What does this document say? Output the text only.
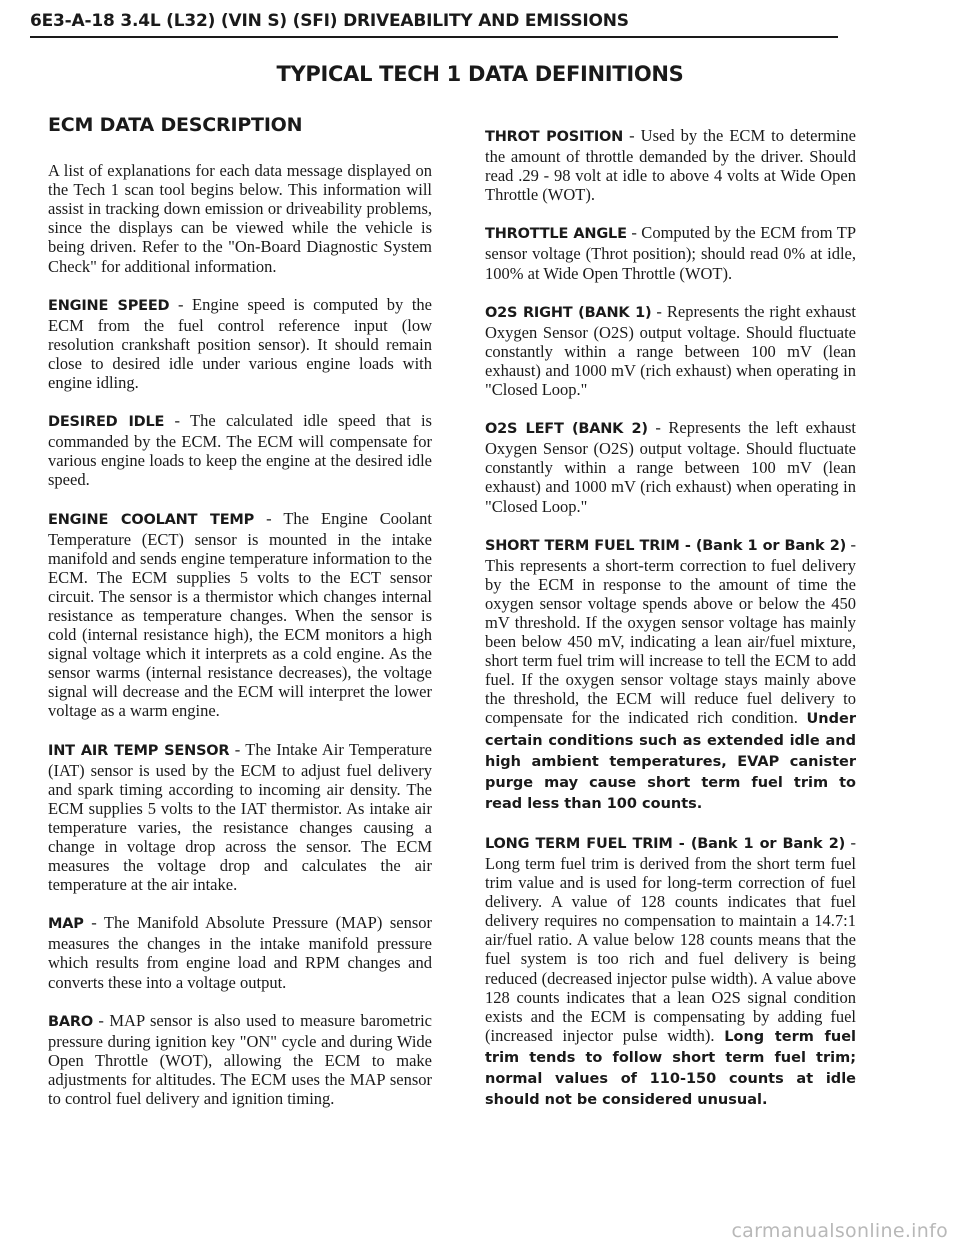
6E3-A-18 3.4L (L32) (VIN S) (SFI) DRIVEABILITY AND EMISSIONS
TYPICAL TECH 1 DATA DEFINITIONS
ECM DATA DESCRIPTION

A list of explanations for each data message displayed on the Tech 1 scan tool begins below. This information will assist in tracking down emission or driveability problems, since the displays can be viewed while the vehicle is being driven. Refer to the "On-Board Diagnostic System Check" for additional information.

ENGINE SPEED - Engine speed is computed by the ECM from the fuel control reference input (low resolution crankshaft position sensor). It should remain close to desired idle under various engine loads with engine idling.

DESIRED IDLE - The calculated idle speed that is commanded by the ECM. The ECM will compensate for various engine loads to keep the engine at the desired idle speed.

ENGINE COOLANT TEMP - The Engine Coolant Temperature (ECT) sensor is mounted in the intake manifold and sends engine temperature information to the ECM. The ECM supplies 5 volts to the ECT sensor circuit. The sensor is a thermistor which changes internal resistance as temperature changes. When the sensor is cold (internal resistance high), the ECM monitors a high signal voltage which it interprets as a cold engine. As the sensor warms (internal resistance decreases), the voltage signal will decrease and the ECM will interpret the lower voltage as a warm engine.

INT AIR TEMP SENSOR - The Intake Air Temperature (IAT) sensor is used by the ECM to adjust fuel delivery and spark timing according to incoming air density. The ECM supplies 5 volts to the IAT thermistor. As intake air temperature varies, the resistance changes causing a change in voltage drop across the sensor. The ECM measures the voltage drop and calculates the air temperature at the air intake.

MAP - The Manifold Absolute Pressure (MAP) sensor measures the changes in the intake manifold pressure which results from engine load and RPM changes and converts these into a voltage output.

BARO - MAP sensor is also used to measure barometric pressure during ignition key "ON" cycle and during Wide Open Throttle (WOT), allowing the ECM to make adjustments for altitudes. The ECM uses the MAP sensor to control fuel delivery and ignition timing.

THROT POSITION - Used by the ECM to determine the amount of throttle demanded by the driver. Should read .29 - 98 volt at idle to above 4 volts at Wide Open Throttle (WOT).

THROTTLE ANGLE - Computed by the ECM from TP sensor voltage (Throt position); should read 0% at idle, 100% at Wide Open Throttle (WOT).

O2S RIGHT (BANK 1) - Represents the right exhaust Oxygen Sensor (O2S) output voltage. Should fluctuate constantly within a range between 100 mV (lean exhaust) and 1000 mV (rich exhaust) when operating in "Closed Loop."

O2S LEFT (BANK 2) - Represents the left exhaust Oxygen Sensor (O2S) output voltage. Should fluctuate constantly within a range between 100 mV (lean exhaust) and 1000 mV (rich exhaust) when operating in "Closed Loop."

SHORT TERM FUEL TRIM - (Bank 1 or Bank 2) - This represents a short-term correction to fuel delivery by the ECM in response to the amount of time the oxygen sensor voltage spends above or below the 450 mV threshold. If the oxygen sensor voltage has mainly been below 450 mV, indicating a lean air/fuel mixture, short term fuel trim will increase to tell the ECM to add fuel. If the oxygen sensor voltage stays mainly above the threshold, the ECM will reduce fuel delivery to compensate for the indicated rich condition. Under certain conditions such as extended idle and high ambient temperatures, EVAP canister purge may cause short term fuel trim to read less than 100 counts.

LONG TERM FUEL TRIM - (Bank 1 or Bank 2) - Long term fuel trim is derived from the short term fuel trim value and is used for long-term correction of fuel delivery. A value of 128 counts indicates that fuel delivery requires no compensation to maintain a 14.7:1 air/fuel ratio. A value below 128 counts means that the fuel system is too rich and fuel delivery is being reduced (decreased injector pulse width). A value above 128 counts indicates that a lean O2S signal condition exists and the ECM is compensating by adding fuel (increased injector pulse width). Long term fuel trim tends to follow short term fuel trim; normal values of 110-150 counts at idle should not be considered unusual.

carmanualsonline.info
